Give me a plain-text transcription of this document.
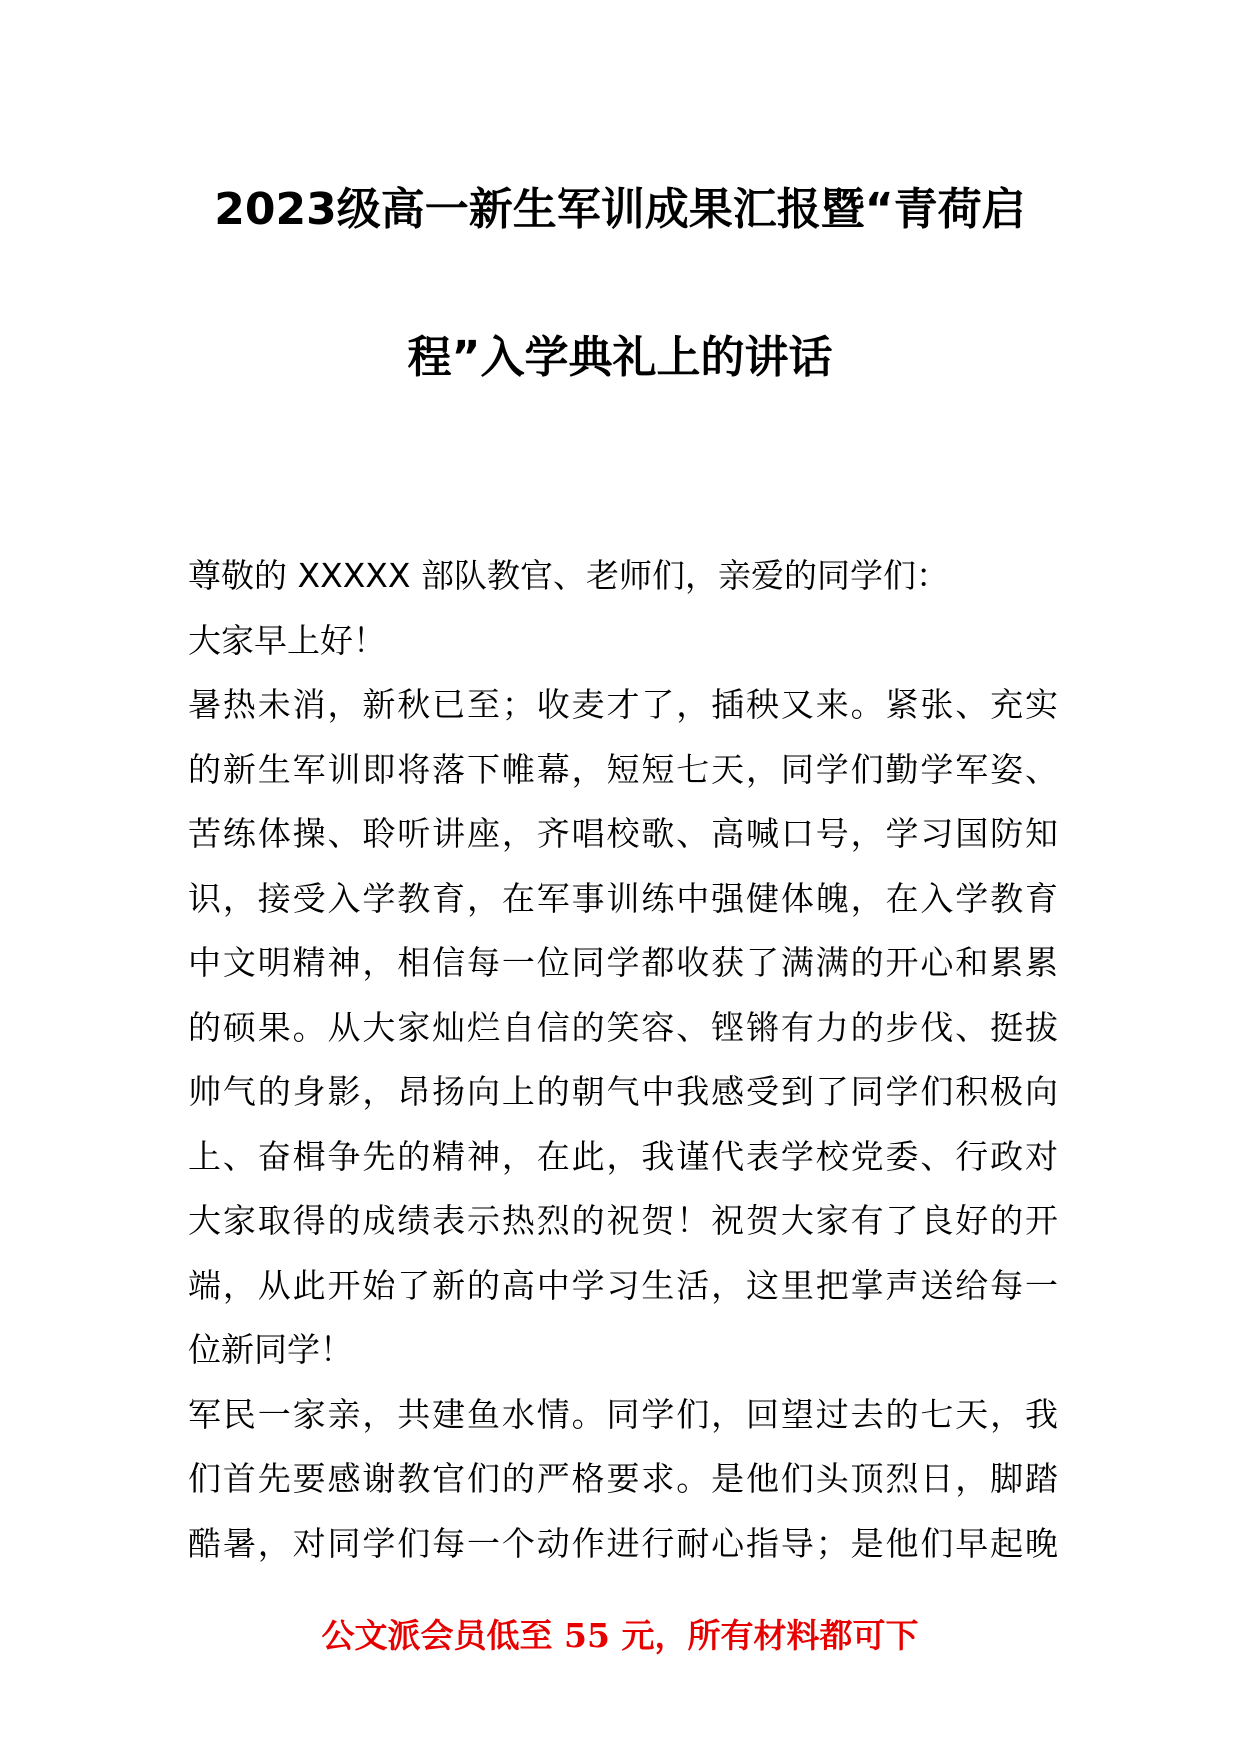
2023级高一新生军训成果汇报暨“青荷启
程”入学典礼上的讲话
尊敬的 XXXXX 部队教官、老师们，亲爱的同学们：
大家早上好！
暑热未消，新秋已至；收麦才了，插秧又来。紧张、充实
的新生军训即将落下帷幕，短短七天，同学们勤学军姿、
苦练体操、聆听讲座，齐唱校歌、高喊口号，学习国防知
识，接受入学教育，在军事训练中强健体魄，在入学教育
中文明精神，相信每一位同学都收获了满满的开心和累累
的硕果。从大家灿烂自信的笑容、铿锵有力的步伐、挺拔
帅气的身影，昂扬向上的朝气中我感受到了同学们积极向
上、奋楫争先的精神，在此，我谨代表学校党委、行政对
大家取得的成绩表示热烈的祝贺！祝贺大家有了良好的开
端，从此开始了新的高中学习生活，这里把掌声送给每一
位新同学！
军民一家亲，共建鱼水情。同学们，回望过去的七天，我
们首先要感谢教官们的严格要求。是他们头顶烈日，脚踏
酷暑，对同学们每一个动作进行耐心指导；是他们早起晚
公文派会员低至 55 元，所有材料都可下
